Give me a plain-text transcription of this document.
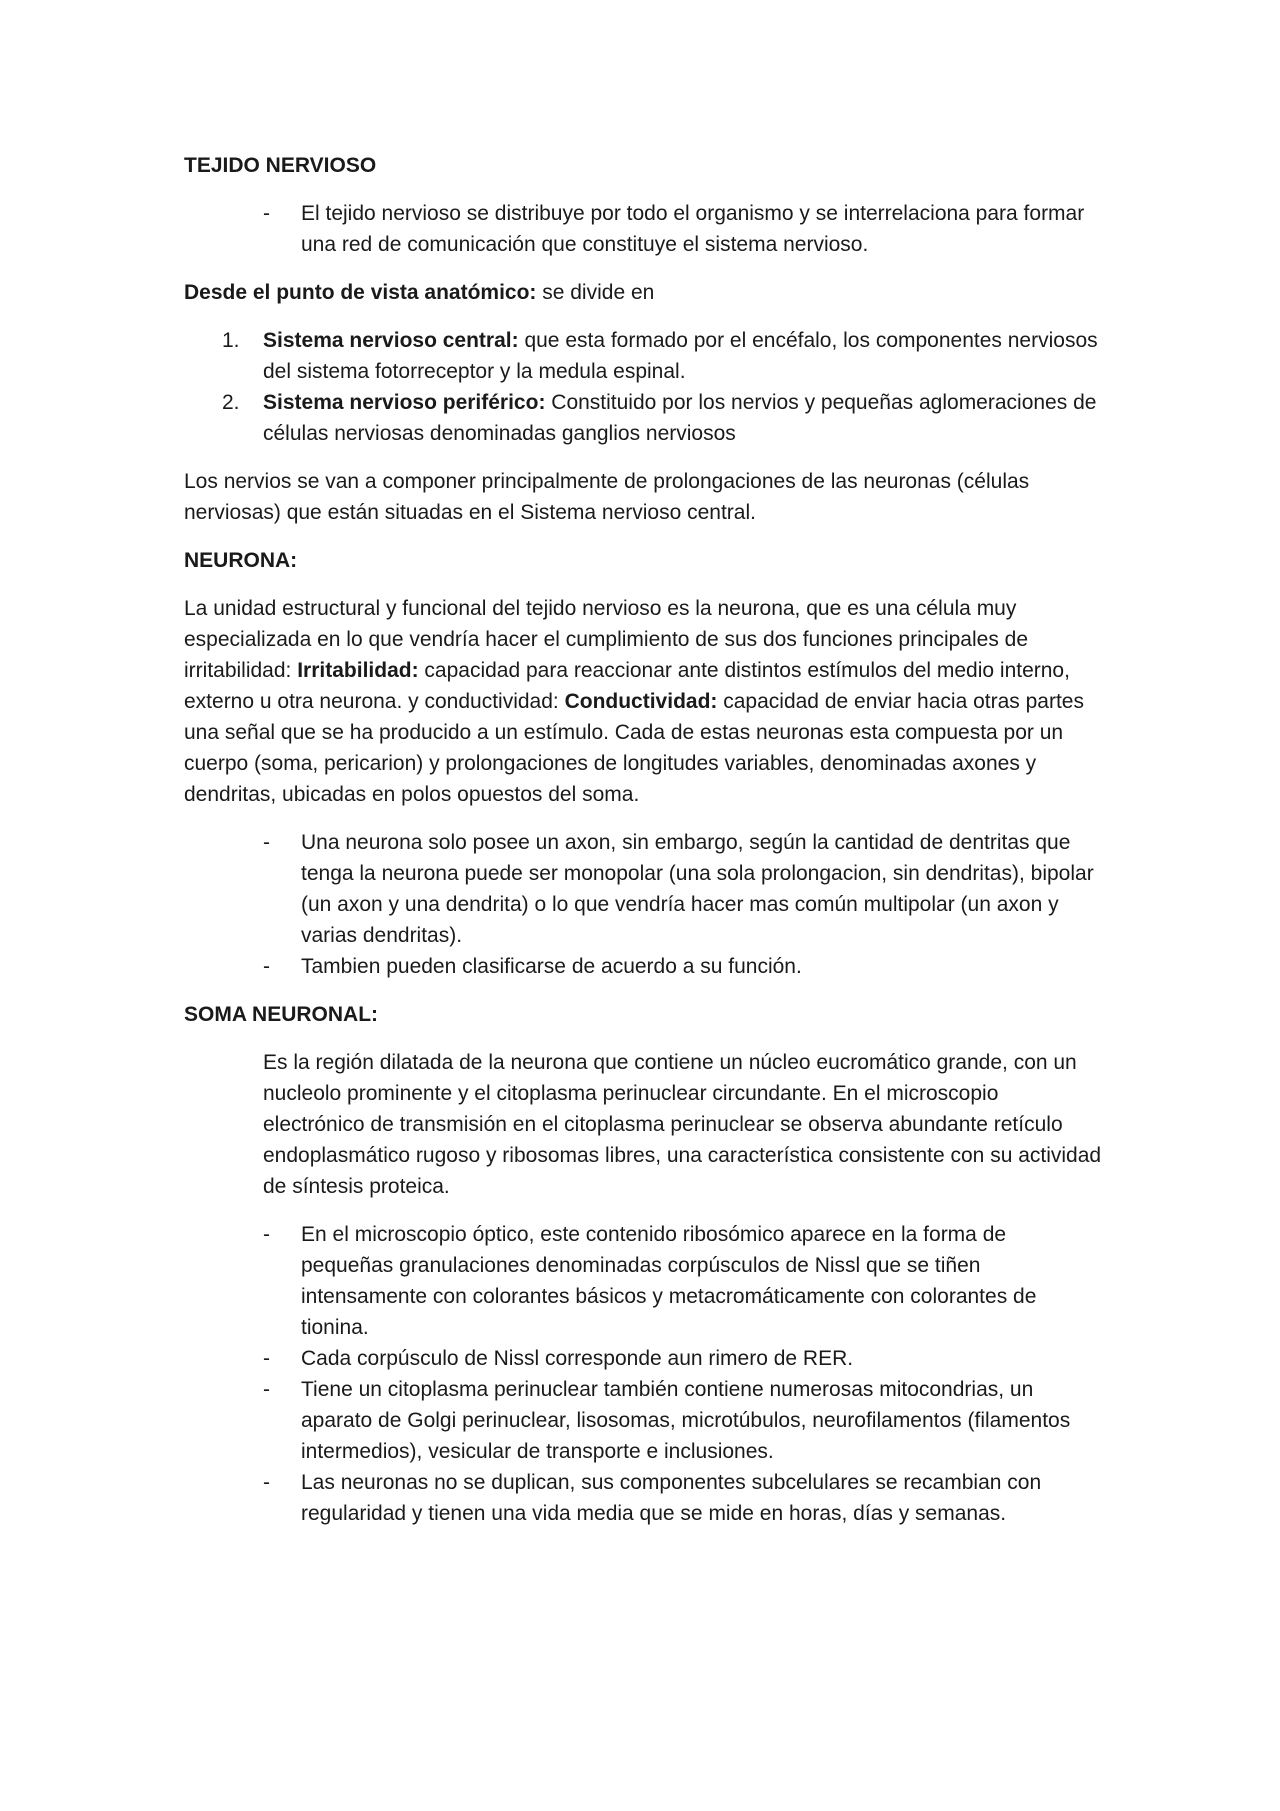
TEJIDO NERVIOSO

- El tejido nervioso se distribuye por todo el organismo y se interrelaciona para formar una red de comunicación que constituye el sistema nervioso.

Desde el punto de vista anatómico: se divide en

1. Sistema nervioso central: que esta formado por el encéfalo, los componentes nerviosos del sistema fotorreceptor y la medula espinal.
2. Sistema nervioso periférico: Constituido por los nervios y pequeñas aglomeraciones de células nerviosas denominadas ganglios nerviosos

Los nervios se van a componer principalmente de prolongaciones de las neuronas (células nerviosas) que están situadas en el Sistema nervioso central.

NEURONA:

La unidad estructural y funcional del tejido nervioso es la neurona, que es una célula muy especializada en lo que vendría hacer el cumplimiento de sus dos funciones principales de irritabilidad: Irritabilidad: capacidad para reaccionar ante distintos estímulos del medio interno, externo u otra neurona. y conductividad: Conductividad: capacidad de enviar hacia otras partes una señal que se ha producido a un estímulo. Cada de estas neuronas esta compuesta por un cuerpo (soma, pericarion) y prolongaciones de longitudes variables, denominadas axones y dendritas, ubicadas en polos opuestos del soma.

- Una neurona solo posee un axon, sin embargo, según la cantidad de dentritas que tenga la neurona puede ser monopolar (una sola prolongacion, sin dendritas), bipolar (un axon y una dendrita) o lo que vendría hacer mas común multipolar (un axon y varias dendritas).
- Tambien pueden clasificarse de acuerdo a su función.

SOMA NEURONAL:

Es la región dilatada de la neurona que contiene un núcleo eucromático grande, con un nucleolo prominente y el citoplasma perinuclear circundante. En el microscopio electrónico de transmisión en el citoplasma perinuclear se observa abundante retículo endoplasmático rugoso y ribosomas libres, una característica consistente con su actividad de síntesis proteica.

- En el microscopio óptico, este contenido ribosómico aparece en la forma de pequeñas granulaciones denominadas corpúsculos de Nissl que se tiñen intensamente con colorantes básicos y metacromáticamente con colorantes de tionina.
- Cada corpúsculo de Nissl corresponde aun rimero de RER.
- Tiene un citoplasma perinuclear también contiene numerosas mitocondrias, un aparato de Golgi perinuclear, lisosomas, microtúbulos, neurofilamentos (filamentos intermedios), vesicular de transporte e inclusiones.
- Las neuronas no se duplican, sus componentes subcelulares se recambian con regularidad y tienen una vida media que se mide en horas, días y semanas.
